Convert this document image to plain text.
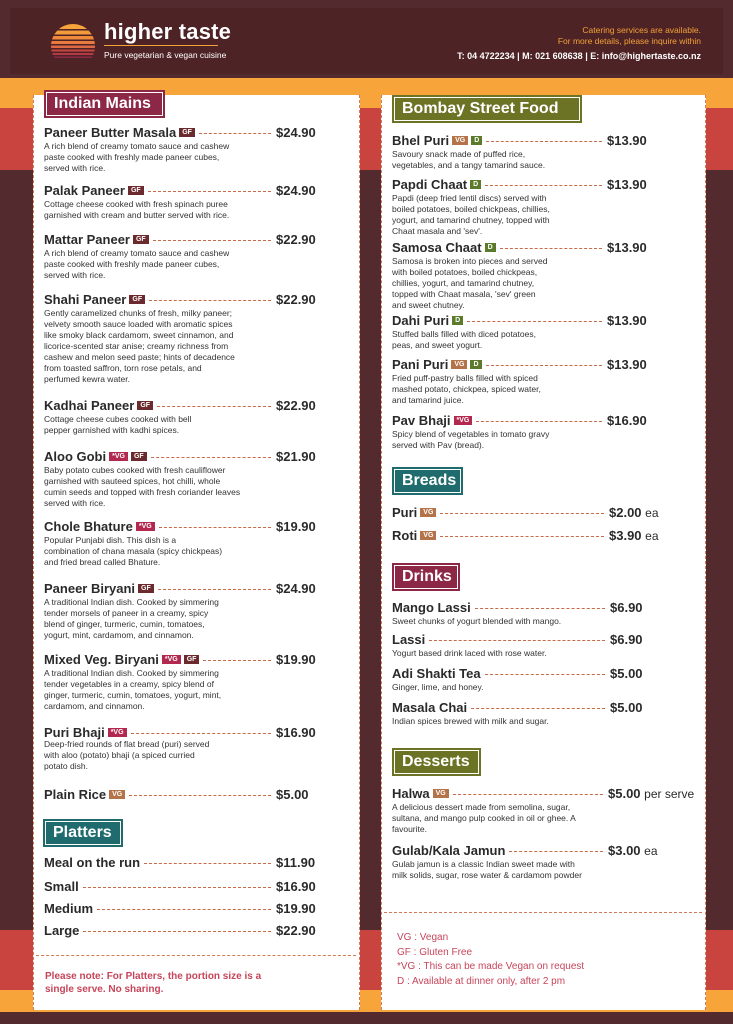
higher taste
Pure vegetarian & vegan cuisine
Catering services are available.
For more details, please inquire within
T: 04 4722234 | M: 021 608638 | E: info@highertaste.co.nz
Indian Mains
Platters
Bombay Street Food
Breads
Drinks
Desserts
Paneer Butter Masala GF	$24.90
A rich blend of creamy tomato sauce and cashew
paste cooked with freshly made paneer cubes,
served with rice.
Palak Paneer GF	$24.90
Cottage cheese cooked with fresh spinach puree
garnished with cream and butter served with rice.
Mattar Paneer GF	$22.90
A rich blend of creamy tomato sauce and cashew
paste cooked with freshly made paneer cubes,
served with rice.
Shahi Paneer GF	$22.90
Gently caramelized chunks of fresh, milky paneer;
velvety smooth sauce loaded with aromatic spices
like smoky black cardamom, sweet cinnamon, and
licorice-scented star anise; creamy richness from
cashew and melon seed paste; hints of decadence
from toasted saffron, torn rose petals, and
perfumed kewra water.
Kadhai Paneer GF	$22.90
Cottage cheese cubes cooked with bell
pepper garnished with kadhi spices.
Aloo Gobi *VG	GF	$21.90
Baby potato cubes cooked with fresh cauliflower
garnished with sauteed spices, hot chilli, whole
cumin seeds and topped with fresh coriander leaves
served with rice.
Chole Bhature *VG	$19.90
Popular Punjabi dish. This dish is a
combination of chana masala (spicy chickpeas)
and fried bread called Bhature.
Paneer Biryani GF	$24.90
A traditional Indian dish. Cooked by simmering
tender morsels of paneer in a creamy, spicy
blend of ginger, turmeric, cumin, tomatoes,
yogurt, mint, cardamom, and cinnamon.
Mixed Veg. Biryani *VG	GF	$19.90
A traditional Indian dish. Cooked by simmering
tender vegetables in a creamy, spicy blend of
ginger, turmeric, cumin, tomatoes, yogurt, mint,
cardamom, and cinnamon.
Puri Bhaji *VG	$16.90
Deep-fried rounds of flat bread (puri) served
with aloo (potato) bhaji (a spiced curried
potato dish.
Plain Rice VG	$5.00
Meal on the run	$11.90
Small	$16.90
Medium	$19.90
Large	$22.90
Bhel Puri VG	D	$13.90
Savoury snack made of puffed rice,
vegetables, and a tangy tamarind sauce.
Papdi Chaat D	$13.90
Papdi (deep fried lentil discs) served with
boiled potatoes, boiled chickpeas, chillies,
yogurt, and tamarind chutney, topped with
Chaat masala and 'sev'.
Samosa Chaat D	$13.90
Samosa is broken into pieces and served
with boiled potatoes, boiled chickpeas,
chillies, yogurt, and tamarind chutney,
topped with Chaat masala, 'sev' green
and sweet chutney.
Dahi Puri D	$13.90
Stuffed balls filled with diced potatoes,
peas, and sweet yogurt.
Pani Puri VG	D	$13.90
Fried puff-pastry balls filled with spiced
mashed potato, chickpea, spiced water,
and tamarind juice.
Pav Bhaji *VG	$16.90
Spicy blend of vegetables in tomato gravy
served with Pav (bread).
Puri VG	$2.00 ea
Roti VG	$3.90 ea
Mango Lassi	$6.90
Sweet chunks of yogurt blended with mango.
Lassi	$6.90
Yogurt based drink laced with rose water.
Adi Shakti Tea	$5.00
Ginger, lime, and honey.
Masala Chai	$5.00
Indian spices brewed with milk and sugar.
Halwa VG	$5.00 per serve
A delicious dessert made from semolina, sugar,
sultana, and mango pulp cooked in oil or ghee. A
favourite.
Gulab/Kala Jamun	$3.00 ea
Gulab jamun is a classic Indian sweet made with
milk solids, sugar, rose water & cardamom powder
Please note: For Platters, the portion size is a
single serve. No sharing.
VG : Vegan
GF : Gluten Free
*VG : This can be made Vegan on request
D : Available at dinner only, after 2 pm
